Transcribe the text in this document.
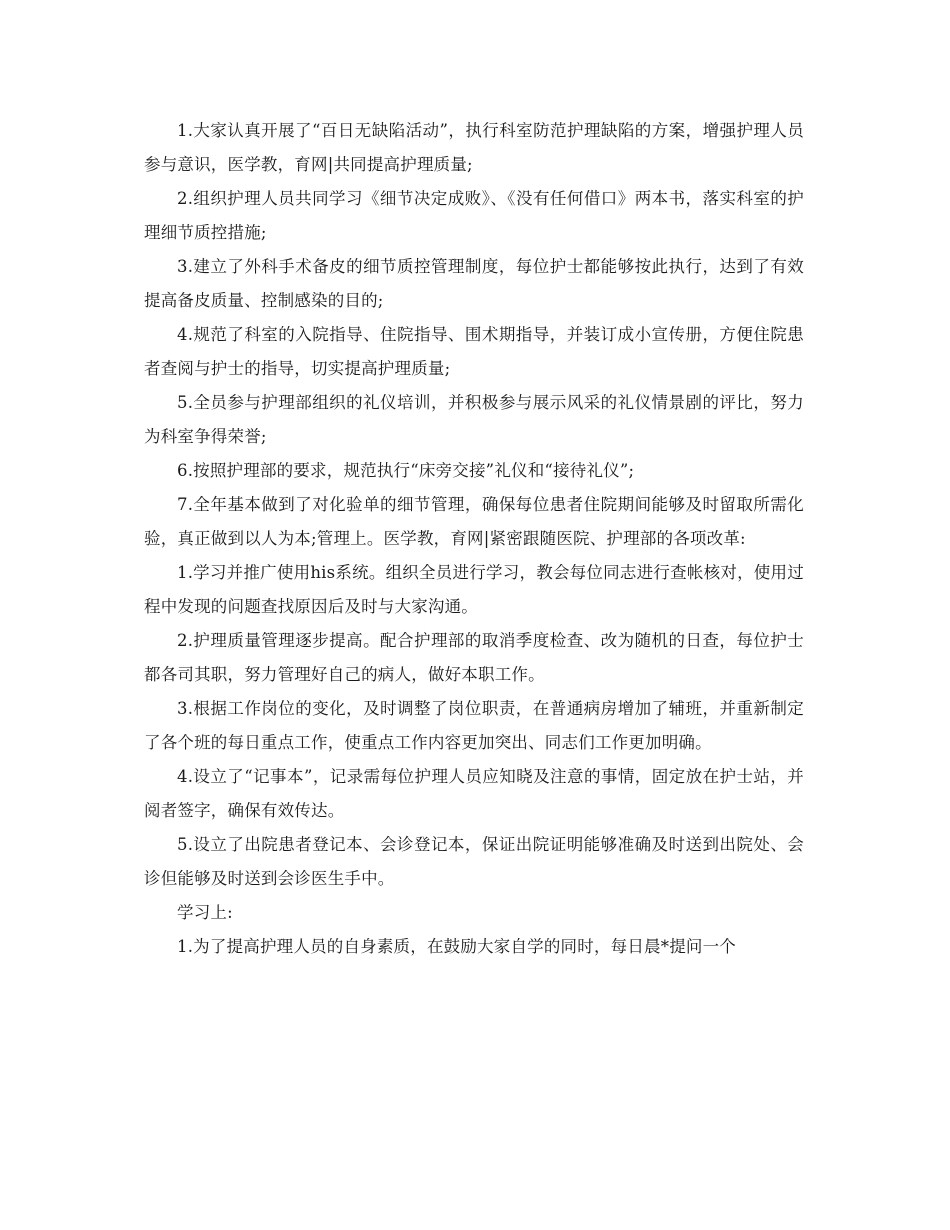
1.大家认真开展了“百日无缺陷活动”，执行科室防范护理缺陷的方案，增强护理人员参与意识，医学教，育网|共同提高护理质量;

2.组织护理人员共同学习《细节决定成败》、《没有任何借口》两本书，落实科室的护理细节质控措施;

3.建立了外科手术备皮的细节质控管理制度，每位护士都能够按此执行，达到了有效提高备皮质量、控制感染的目的;

4.规范了科室的入院指导、住院指导、围术期指导，并装订成小宣传册，方便住院患者查阅与护士的指导，切实提高护理质量;

5.全员参与护理部组织的礼仪培训，并积极参与展示风采的礼仪情景剧的评比，努力为科室争得荣誉;

6.按照护理部的要求，规范执行“床旁交接”礼仪和“接待礼仪”;

7.全年基本做到了对化验单的细节管理，确保每位患者住院期间能够及时留取所需化验，真正做到以人为本;管理上。医学教，育网|紧密跟随医院、护理部的各项改革:

1.学习并推广使用his系统。组织全员进行学习，教会每位同志进行查帐核对，使用过程中发现的问题查找原因后及时与大家沟通。

2.护理质量管理逐步提高。配合护理部的取消季度检查、改为随机的日查，每位护士都各司其职，努力管理好自己的病人，做好本职工作。

3.根据工作岗位的变化，及时调整了岗位职责，在普通病房增加了辅班，并重新制定了各个班的每日重点工作，使重点工作内容更加突出、同志们工作更加明确。

4.设立了“记事本”，记录需每位护理人员应知晓及注意的事情，固定放在护士站，并阅者签字，确保有效传达。

5.设立了出院患者登记本、会诊登记本，保证出院证明能够准确及时送到出院处、会诊但能够及时送到会诊医生手中。

学习上:

1.为了提高护理人员的自身素质，在鼓励大家自学的同时，每日晨*提问一个
